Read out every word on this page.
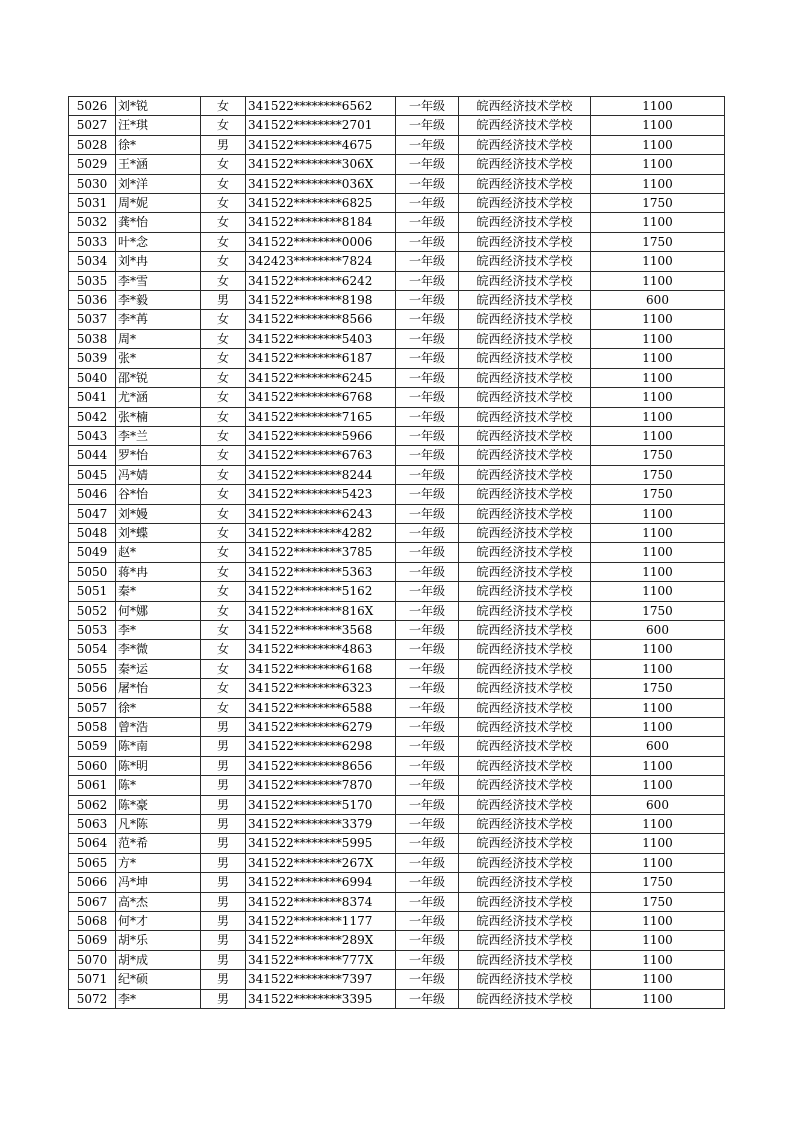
5026	刘*锐	女	341522********6562	一年级	皖西经济技术学校	1100
5027	汪*琪	女	341522********2701	一年级	皖西经济技术学校	1100
5028	徐*	男	341522********4675	一年级	皖西经济技术学校	1100
5029	王*涵	女	341522********306X	一年级	皖西经济技术学校	1100
5030	刘*洋	女	341522********036X	一年级	皖西经济技术学校	1100
5031	周*妮	女	341522********6825	一年级	皖西经济技术学校	1750
5032	龚*怡	女	341522********8184	一年级	皖西经济技术学校	1100
5033	叶*念	女	341522********0006	一年级	皖西经济技术学校	1750
5034	刘*冉	女	342423********7824	一年级	皖西经济技术学校	1100
5035	李*雪	女	341522********6242	一年级	皖西经济技术学校	1100
5036	李*毅	男	341522********8198	一年级	皖西经济技术学校	600
5037	李*苒	女	341522********8566	一年级	皖西经济技术学校	1100
5038	周*	女	341522********5403	一年级	皖西经济技术学校	1100
5039	张*	女	341522********6187	一年级	皖西经济技术学校	1100
5040	邵*锐	女	341522********6245	一年级	皖西经济技术学校	1100
5041	尤*涵	女	341522********6768	一年级	皖西经济技术学校	1100
5042	张*楠	女	341522********7165	一年级	皖西经济技术学校	1100
5043	李*兰	女	341522********5966	一年级	皖西经济技术学校	1100
5044	罗*怡	女	341522********6763	一年级	皖西经济技术学校	1750
5045	冯*婧	女	341522********8244	一年级	皖西经济技术学校	1750
5046	谷*怡	女	341522********5423	一年级	皖西经济技术学校	1750
5047	刘*嫚	女	341522********6243	一年级	皖西经济技术学校	1100
5048	刘*蝶	女	341522********4282	一年级	皖西经济技术学校	1100
5049	赵*	女	341522********3785	一年级	皖西经济技术学校	1100
5050	蒋*冉	女	341522********5363	一年级	皖西经济技术学校	1100
5051	秦*	女	341522********5162	一年级	皖西经济技术学校	1100
5052	何*娜	女	341522********816X	一年级	皖西经济技术学校	1750
5053	李*	女	341522********3568	一年级	皖西经济技术学校	600
5054	李*微	女	341522********4863	一年级	皖西经济技术学校	1100
5055	秦*运	女	341522********6168	一年级	皖西经济技术学校	1100
5056	屠*怡	女	341522********6323	一年级	皖西经济技术学校	1750
5057	徐*	女	341522********6588	一年级	皖西经济技术学校	1100
5058	曾*浩	男	341522********6279	一年级	皖西经济技术学校	1100
5059	陈*南	男	341522********6298	一年级	皖西经济技术学校	600
5060	陈*明	男	341522********8656	一年级	皖西经济技术学校	1100
5061	陈*	男	341522********7870	一年级	皖西经济技术学校	1100
5062	陈*豪	男	341522********5170	一年级	皖西经济技术学校	600
5063	凡*陈	男	341522********3379	一年级	皖西经济技术学校	1100
5064	范*希	男	341522********5995	一年级	皖西经济技术学校	1100
5065	方*	男	341522********267X	一年级	皖西经济技术学校	1100
5066	冯*坤	男	341522********6994	一年级	皖西经济技术学校	1750
5067	高*杰	男	341522********8374	一年级	皖西经济技术学校	1750
5068	何*才	男	341522********1177	一年级	皖西经济技术学校	1100
5069	胡*乐	男	341522********289X	一年级	皖西经济技术学校	1100
5070	胡*成	男	341522********777X	一年级	皖西经济技术学校	1100
5071	纪*硕	男	341522********7397	一年级	皖西经济技术学校	1100
5072	李*	男	341522********3395	一年级	皖西经济技术学校	1100
